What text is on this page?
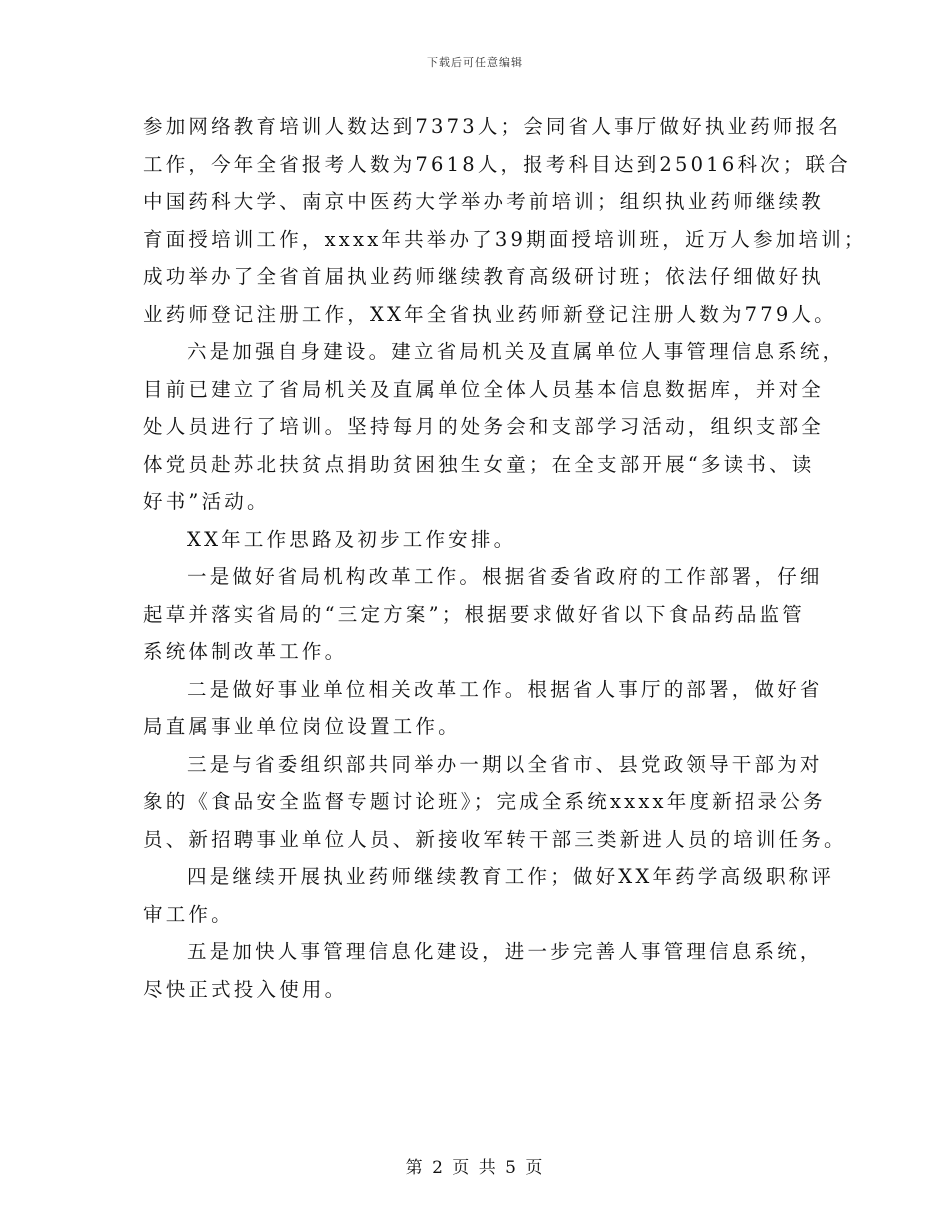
下载后可任意编辑
参加网络教育培训人数达到7373人；会同省人事厅做好执业药师报名
工作，今年全省报考人数为7618人，报考科目达到25016科次；联合
中国药科大学、南京中医药大学举办考前培训；组织执业药师继续教
育面授培训工作，xxxx年共举办了39期面授培训班，近万人参加培训；
成功举办了全省首届执业药师继续教育高级研讨班；依法仔细做好执
业药师登记注册工作，XX年全省执业药师新登记注册人数为779人。
六是加强自身建设。建立省局机关及直属单位人事管理信息系统，
目前已建立了省局机关及直属单位全体人员基本信息数据库，并对全
处人员进行了培训。坚持每月的处务会和支部学习活动，组织支部全
体党员赴苏北扶贫点捐助贫困独生女童；在全支部开展“多读书、读
好书”活动。
XX年工作思路及初步工作安排。
一是做好省局机构改革工作。根据省委省政府的工作部署，仔细
起草并落实省局的“三定方案”；根据要求做好省以下食品药品监管
系统体制改革工作。
二是做好事业单位相关改革工作。根据省人事厅的部署，做好省
局直属事业单位岗位设置工作。
三是与省委组织部共同举办一期以全省市、县党政领导干部为对
象的《食品安全监督专题讨论班》；完成全系统xxxx年度新招录公务
员、新招聘事业单位人员、新接收军转干部三类新进人员的培训任务。
四是继续开展执业药师继续教育工作；做好XX年药学高级职称评
审工作。
五是加快人事管理信息化建设，进一步完善人事管理信息系统，
尽快正式投入使用。
第 2 页 共 5 页
